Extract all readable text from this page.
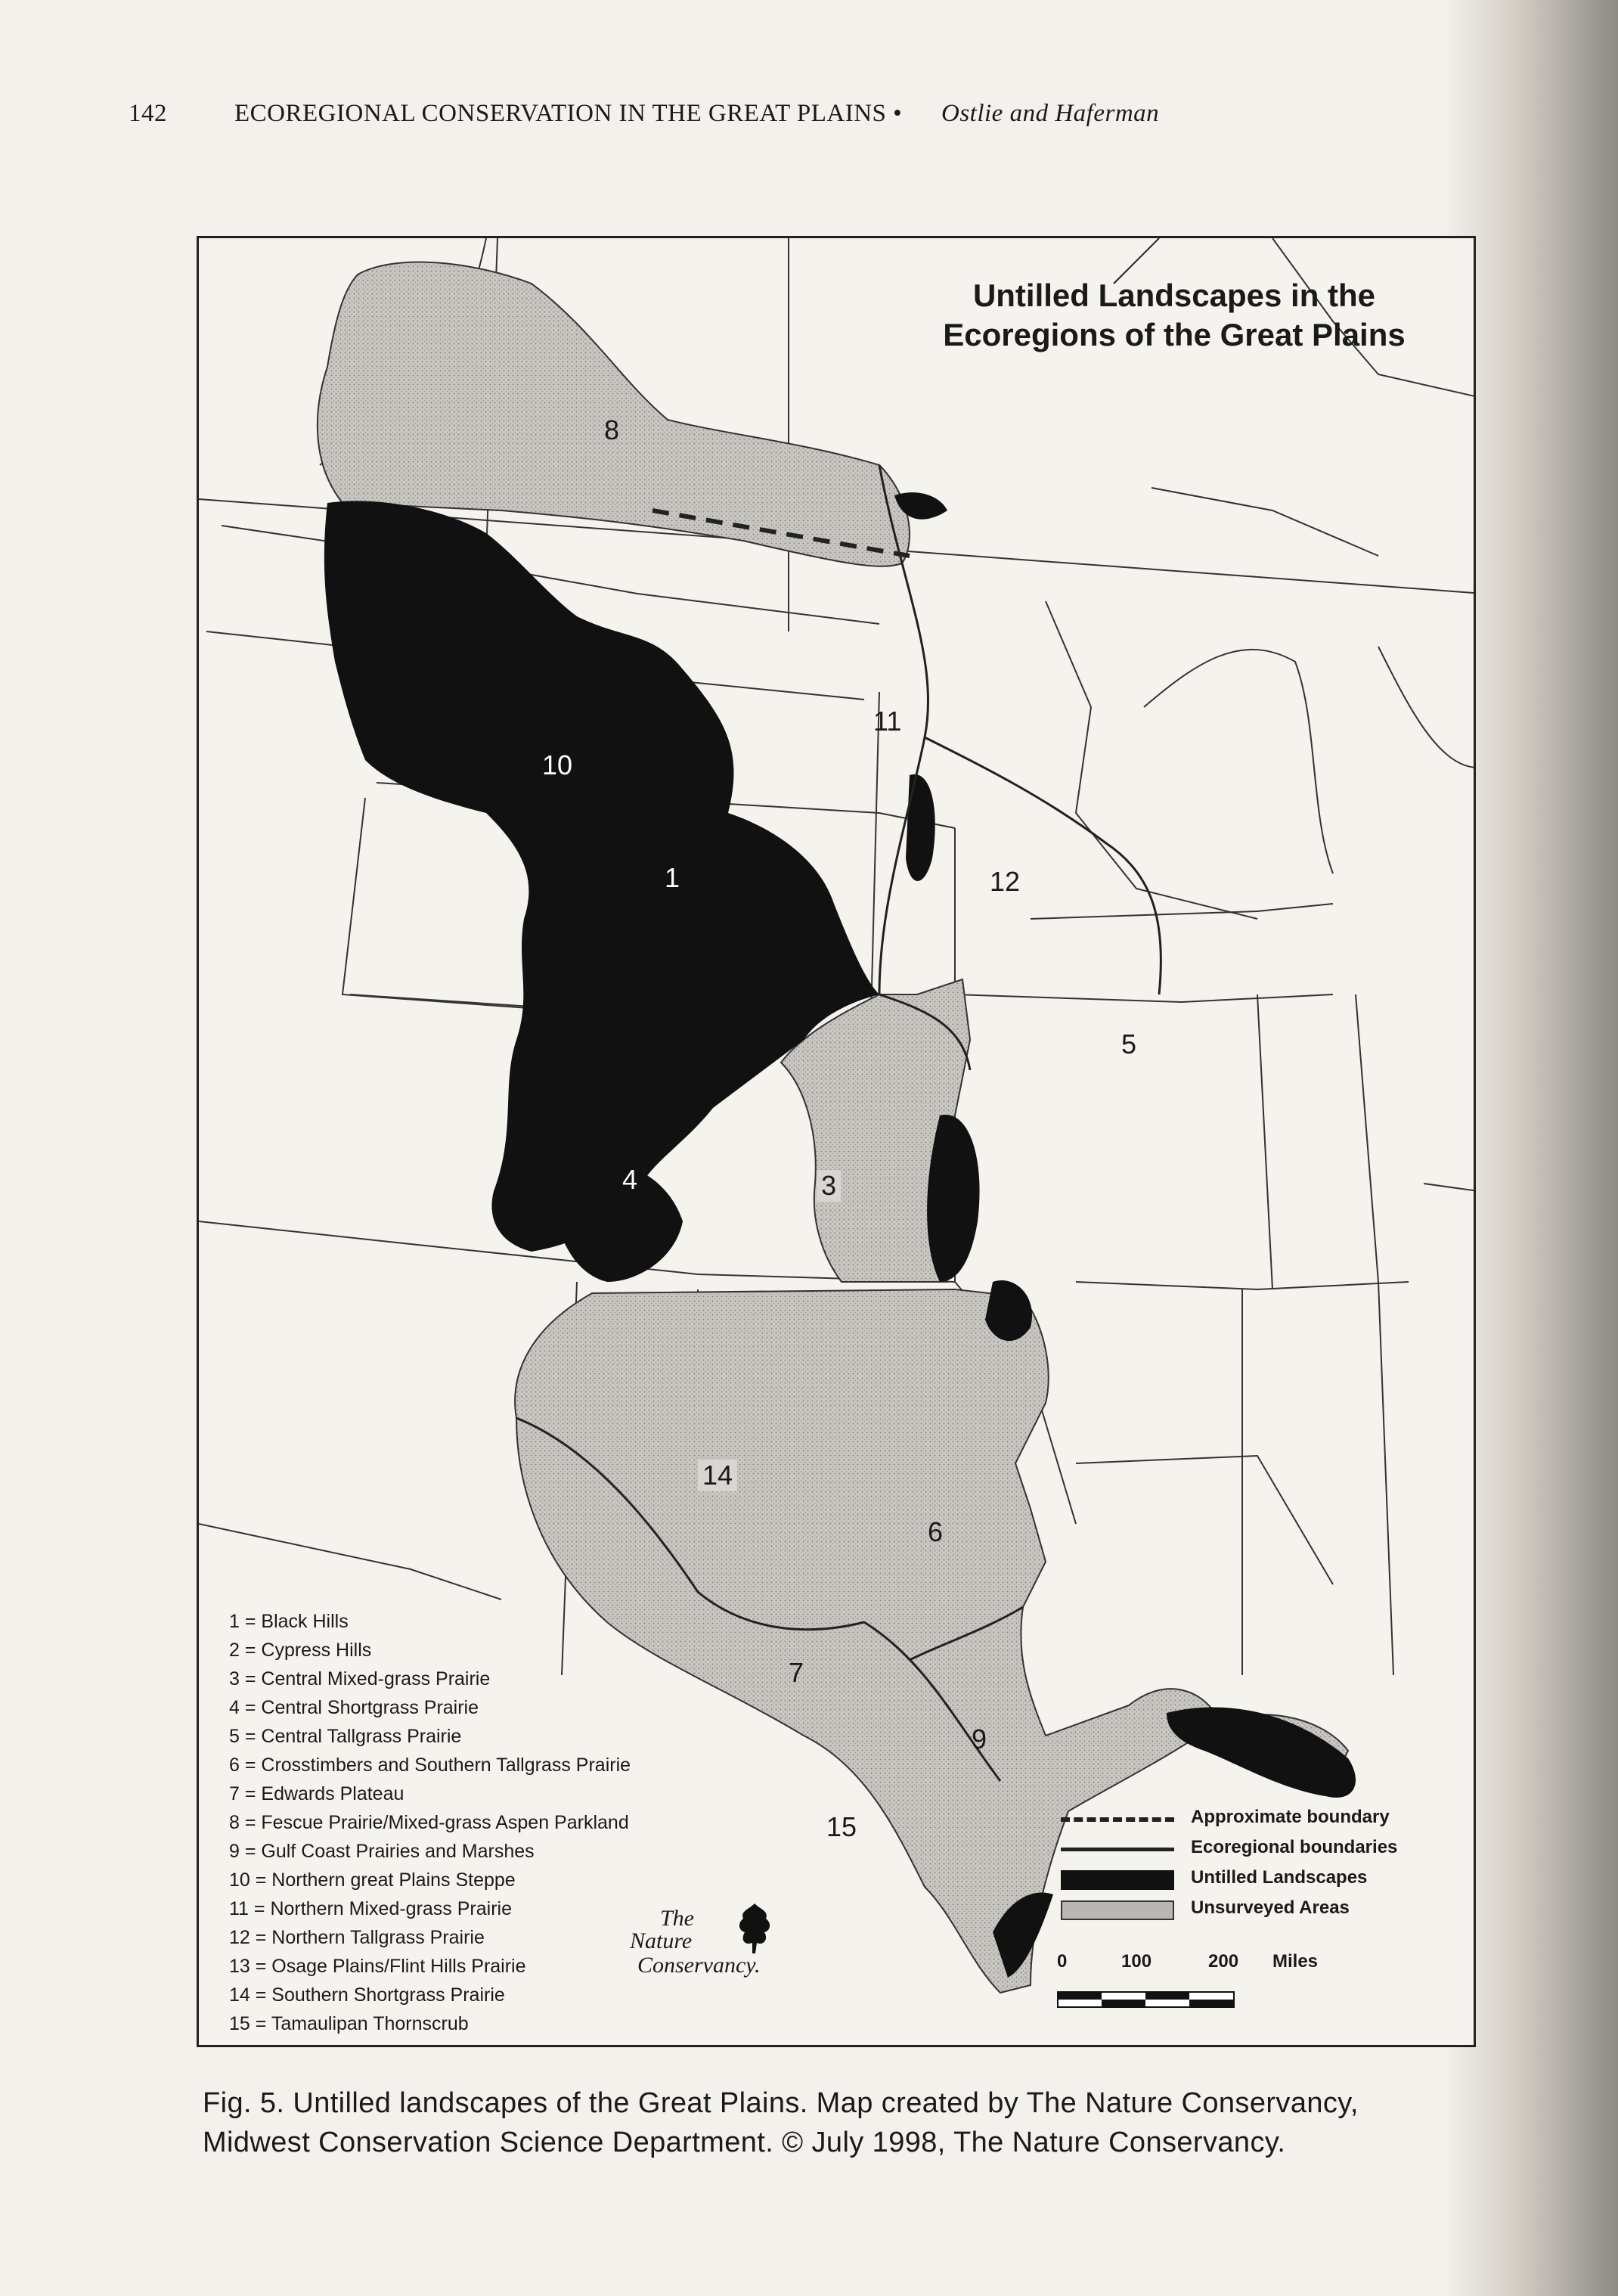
142	ECOREGIONAL CONSERVATION IN THE GREAT PLAINS • Ostlie and Haferman
Untilled Landscapes in the
Ecoregions of the Great Plains
8
10
11
1	12
5
3
4
14
6
7
9
15
1 = Black Hills
2 = Cypress Hills
3 = Central Mixed-grass Prairie
4 = Central Shortgrass Prairie
5 = Central Tallgrass Prairie
6 = Crosstimbers and Southern Tallgrass Prairie
7 = Edwards Plateau
8 = Fescue Prairie/Mixed-grass Aspen Parkland
9 = Gulf Coast Prairies and Marshes
10 = Northern great Plains Steppe
11 = Northern Mixed-grass Prairie
12 = Northern Tallgrass Prairie
13 = Osage Plains/Flint Hills Prairie
14 = Southern Shortgrass Prairie
15 = Tamaulipan Thornscrub
Approximate boundary
Ecoregional boundaries
Untilled Landscapes
Unsurveyed Areas
0	100	200 Miles
The
Nature
Conservancy.
Fig. 5. Untilled landscapes of the Great Plains. Map created by The Nature Conservancy,
Midwest Conservation Science Department. © July 1998, The Nature Conservancy.
